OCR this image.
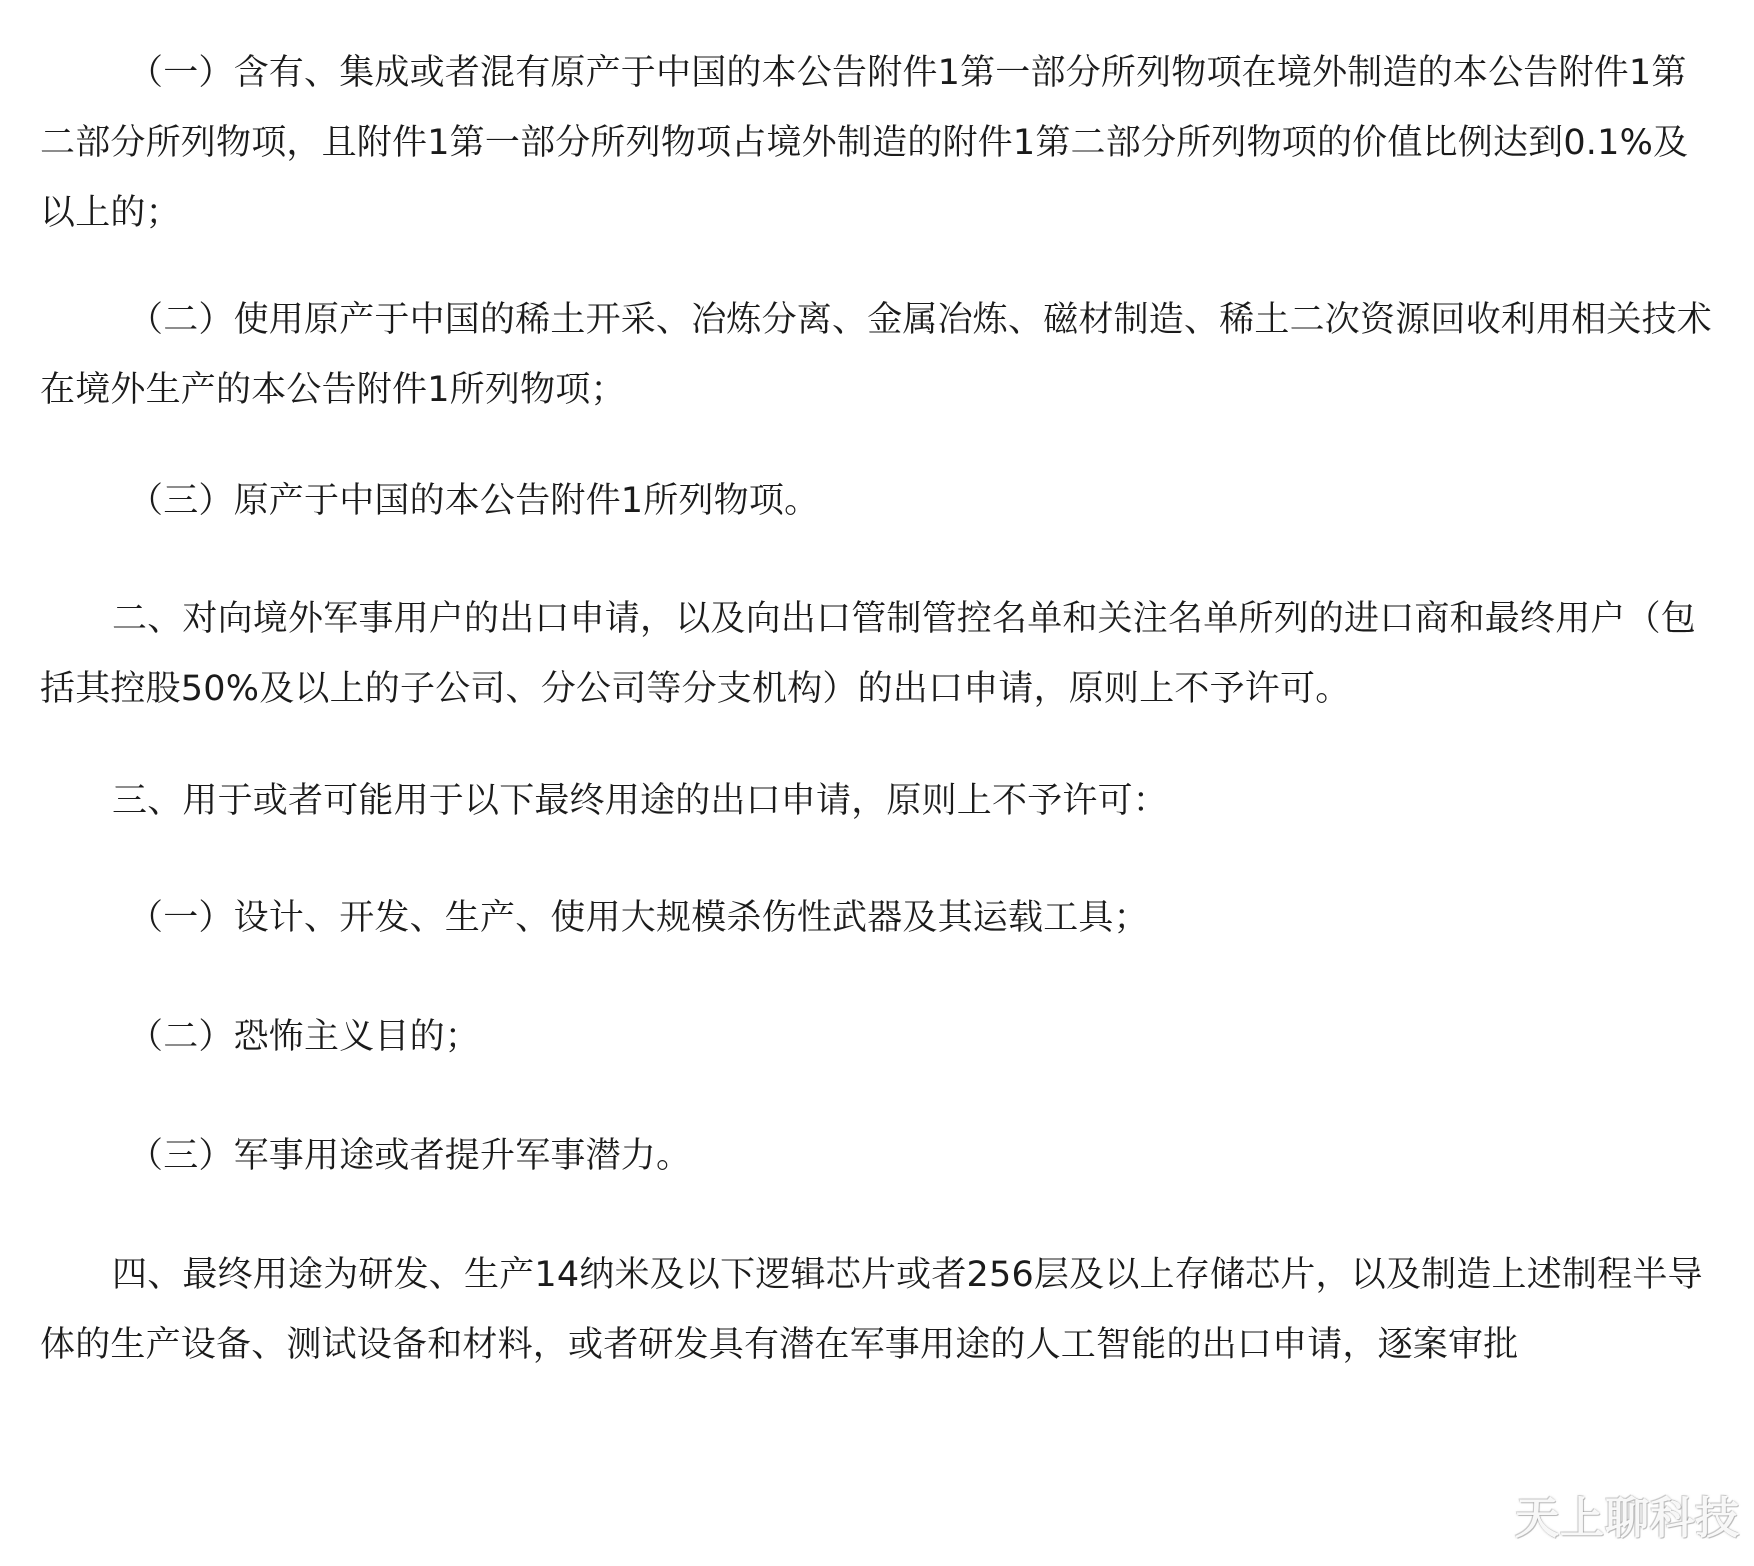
（一）含有、集成或者混有原产于中国的本公告附件1第一部分所列物项在境外制造的本公告附件1第二部分所列物项，且附件1第一部分所列物项占境外制造的附件1第二部分所列物项的价值比例达到0.1%及以上的；

（二）使用原产于中国的稀土开采、冶炼分离、金属冶炼、磁材制造、稀土二次资源回收利用相关技术在境外生产的本公告附件1所列物项；

（三）原产于中国的本公告附件1所列物项。

二、对向境外军事用户的出口申请，以及向出口管制管控名单和关注名单所列的进口商和最终用户（包括其控股50%及以上的子公司、分公司等分支机构）的出口申请，原则上不予许可。

三、用于或者可能用于以下最终用途的出口申请，原则上不予许可：

（一）设计、开发、生产、使用大规模杀伤性武器及其运载工具；

（二）恐怖主义目的；

（三）军事用途或者提升军事潜力。

四、最终用途为研发、生产14纳米及以下逻辑芯片或者256层及以上存储芯片，以及制造上述制程半导体的生产设备、测试设备和材料，或者研发具有潜在军事用途的人工智能的出口申请，逐案审批

天上聊科技
